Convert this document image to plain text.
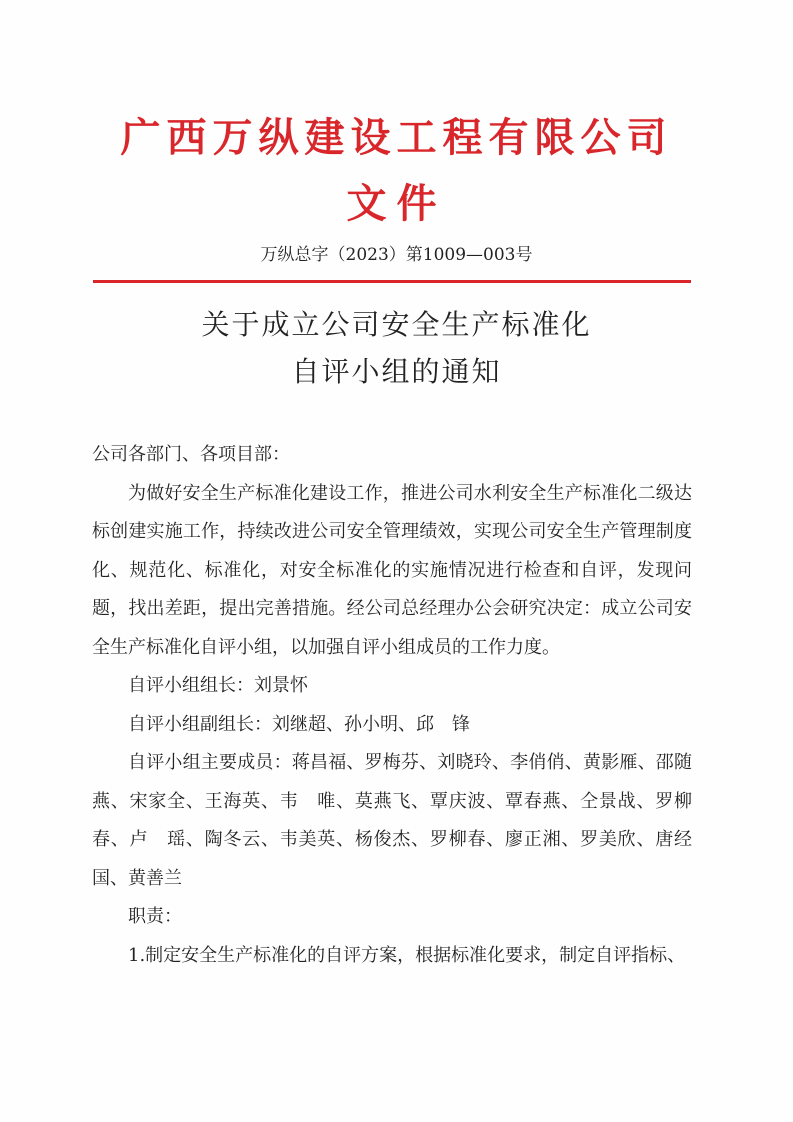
广西万纵建设工程有限公司
文件
万纵总字（2023）第1009—003号
关于成立公司安全生产标准化
自评小组的通知

公司各部门、各项目部：

为做好安全生产标准化建设工作，推进公司水利安全生产标准化二级达标创建实施工作，持续改进公司安全管理绩效，实现公司安全生产管理制度化、规范化、标准化，对安全标准化的实施情况进行检查和自评，发现问题，找出差距，提出完善措施。经公司总经理办公会研究决定：成立公司安全生产标准化自评小组，以加强自评小组成员的工作力度。

自评小组组长：刘景怀

自评小组副组长：刘继超、孙小明、邱　锋

自评小组主要成员：蒋昌福、罗梅芬、刘晓玲、李俏俏、黄影雁、邵随燕、宋家全、王海英、韦　唯、莫燕飞、覃庆波、覃春燕、仝景战、罗柳春、卢　瑶、陶冬云、韦美英、杨俊杰、罗柳春、廖正湘、罗美欣、唐经国、黄善兰

职责：

1.制定安全生产标准化的自评方案，根据标准化要求，制定自评指标、
